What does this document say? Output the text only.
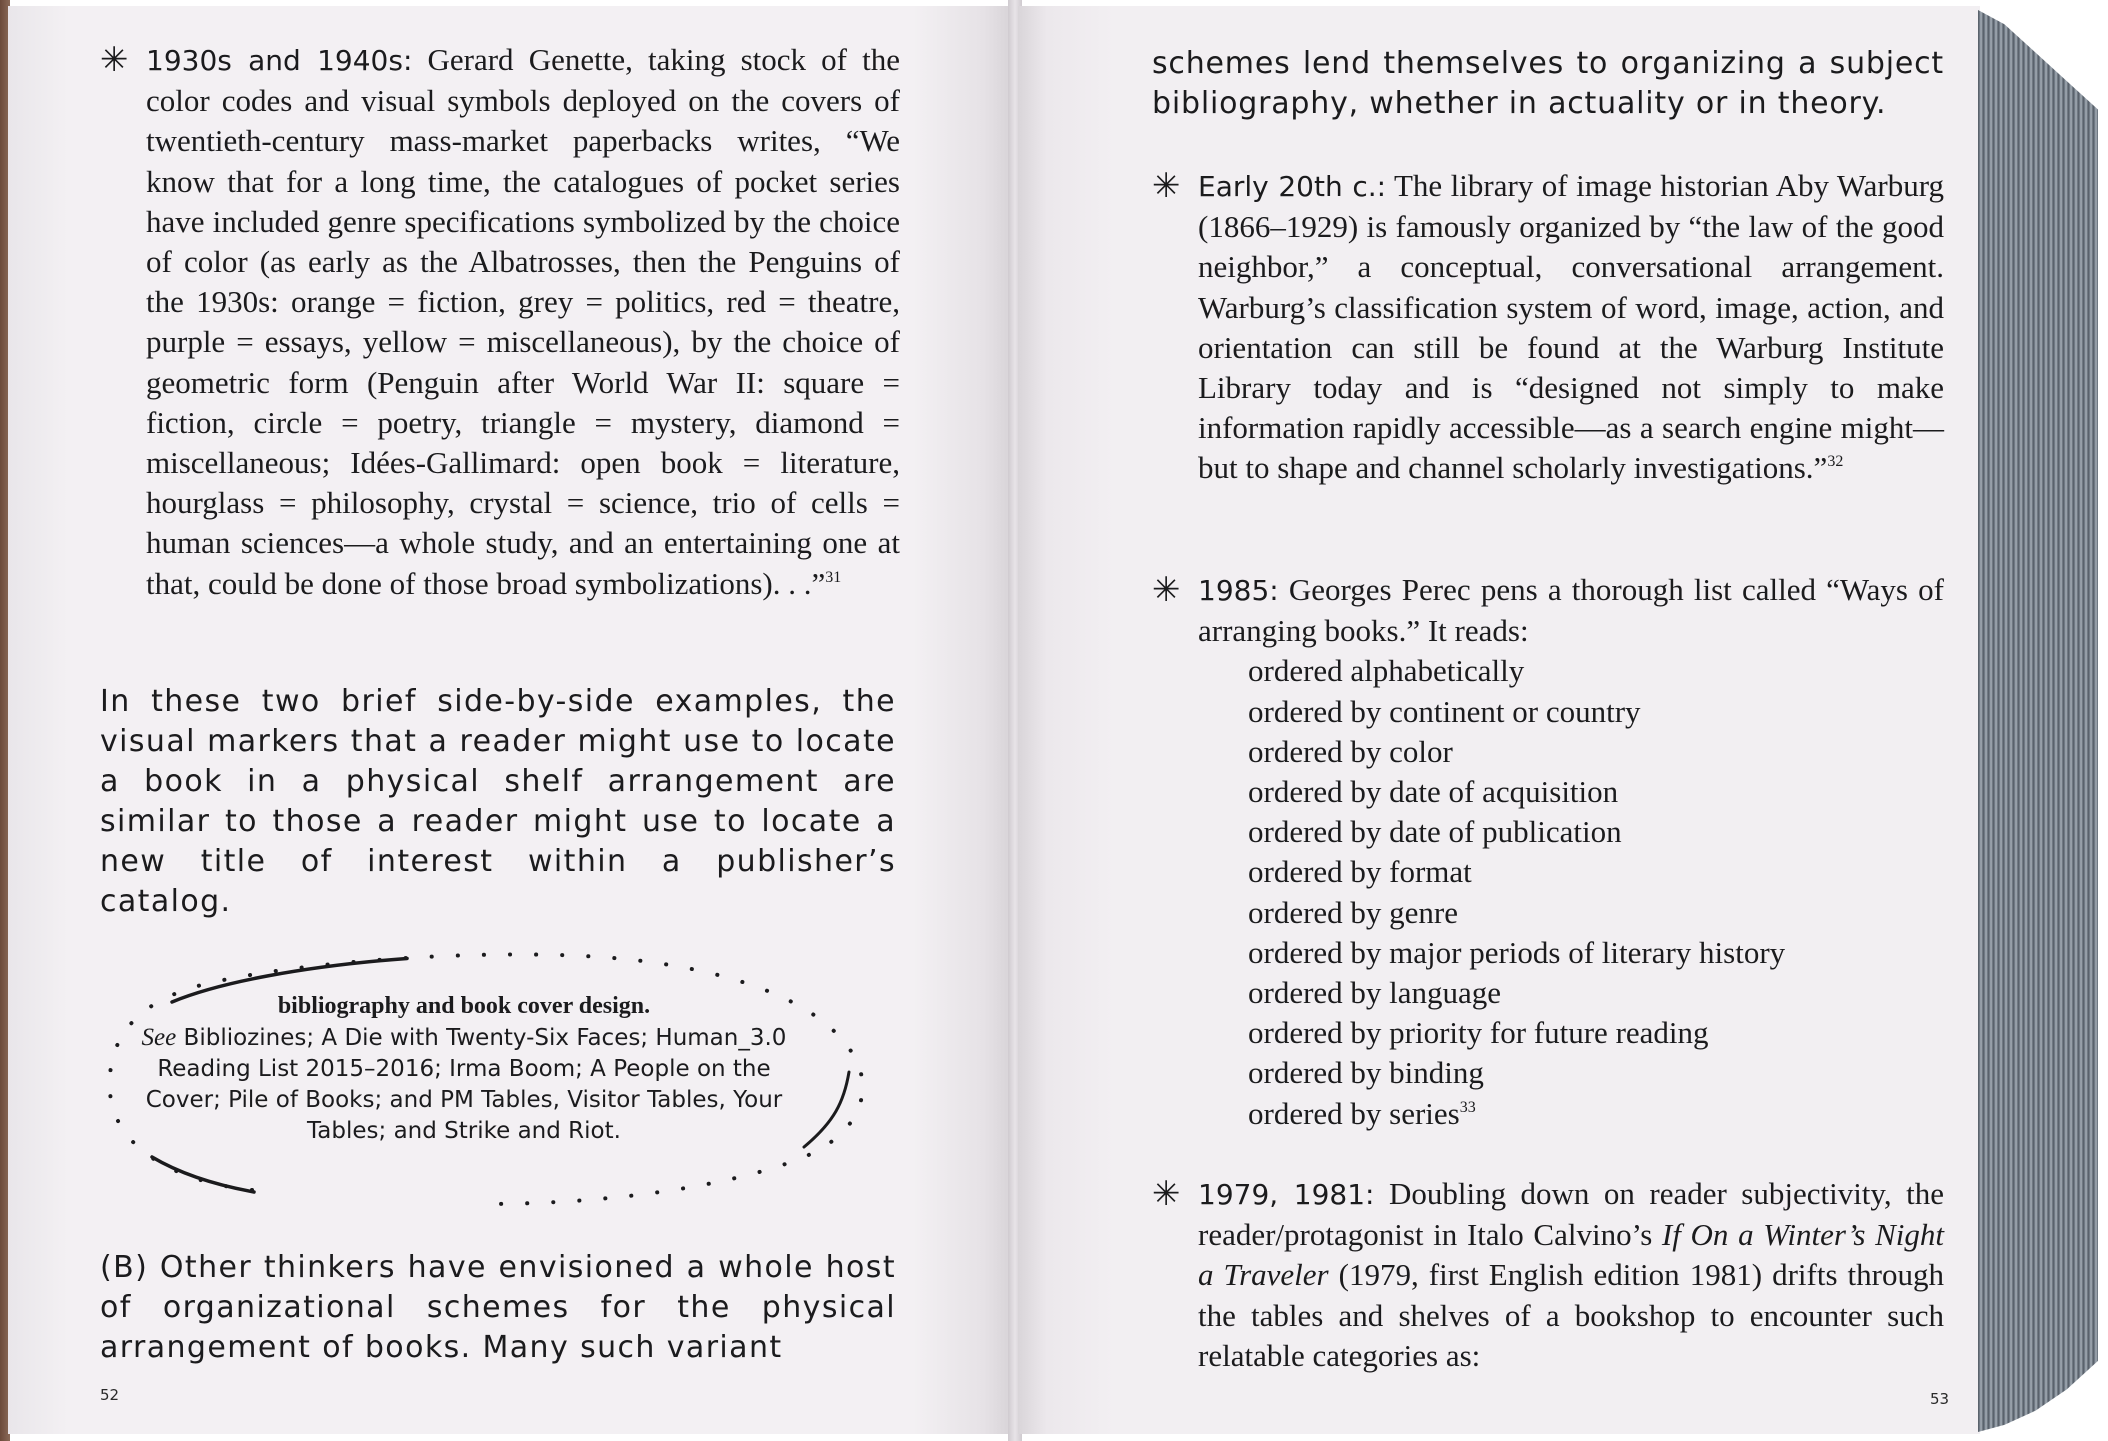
✳ 1930s and 1940s: Gerard Genette, taking stock of the color codes and visual symbols deployed on the covers of twentieth-century mass-market paperbacks writes, “We know that for a long time, the catalogues of pocket series have included genre specifications symbolized by the choice of color (as early as the Albatrosses, then the Penguins of the 1930s: orange = fiction, grey = politics, red = theatre, purple = essays, yellow = miscellaneous), by the choice of geometric form (Penguin after World War II: square = fiction, circle = poetry, triangle = mystery, diamond = miscellaneous; Idées-Gallimard: open book = literature, hourglass = philosophy, crystal = science, trio of cells = human sciences—a whole study, and an entertaining one at that, could be done of those broad symbolizations). . .”$^{31}$
In these two brief side-by-side examples, the visual markers that a reader might use to locate a book in a physical shelf arrangement are similar to those a reader might use to locate a new title of interest within a publisher’s catalog.
bibliography and book cover design.
See Bibliozines; A Die with Twenty-Six Faces; Human_3.0 Reading List 2015–2016; Irma Boom; A People on the Cover; Pile of Books; and PM Tables, Visitor Tables, Your Tables; and Strike and Riot.
(B) Other thinkers have envisioned a whole host of organizational schemes for the physical arrangement of books. Many such variant
52
schemes lend themselves to organizing a subject bibliography, whether in actuality or in theory.
✳ Early 20th c.: The library of image historian Aby Warburg (1866–1929) is famously organized by “the law of the good neighbor,” a conceptual, conversational arrangement. Warburg’s classification system of word, image, action, and orientation can still be found at the Warburg Institute Library today and is “designed not simply to make information rapidly accessible—as a search engine might—but to shape and channel scholarly investigations.”$^{32}$
✳ 1985: Georges Perec pens a thorough list called “Ways of arranging books.” It reads:
ordered alphabetically
ordered by continent or country
ordered by color
ordered by date of acquisition
ordered by date of publication
ordered by format
ordered by genre
ordered by major periods of literary history
ordered by language
ordered by priority for future reading
ordered by binding
ordered by series$^{33}$
✳ 1979, 1981: Doubling down on reader subjectivity, the reader/protagonist in Italo Calvino’s If On a Winter’s Night a Traveler (1979, first English edition 1981) drifts through the tables and shelves of a bookshop to encounter such relatable categories as:
53
